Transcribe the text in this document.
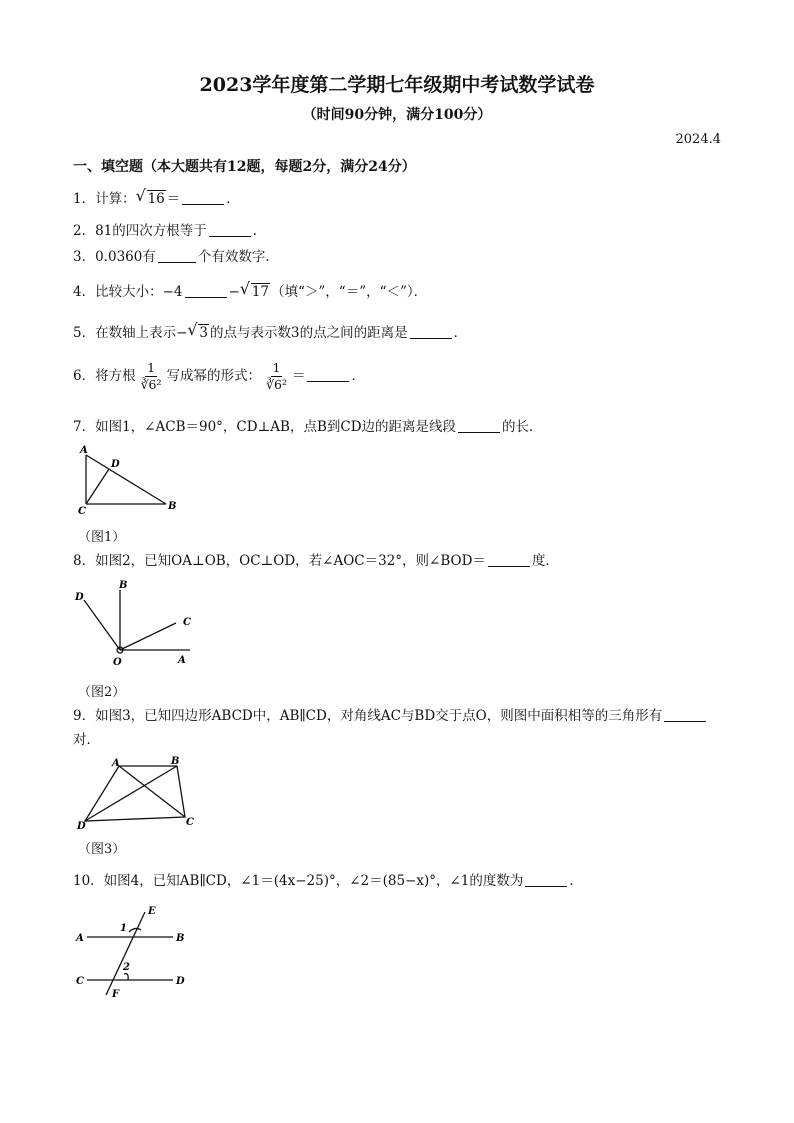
2023学年度第二学期七年级期中考试数学试卷
（时间90分钟，满分100分）
2024.4
一、填空题（本大题共有12题，每题2分，满分24分）
1．计算： √ 16 ＝	．
2．81的四次方根等于	．
3．0.0360有	个有效数字．
4．比较大小：−4	− √ 17 （填“＞”，“＝”，“＜”）．
5．在数轴上表示− √ 3 的点与表示数3的点之间的距离是	．
6．将方根 $\frac{1}{\text{∛6²}}$ 写成幂的形式： $\frac{1}{\text{∛6²}}$ ＝	．
7．如图1，∠ACB＝90°，CD⊥AB，点B到CD边的距离是线段	的长．
A
D
C	B
（图1）
8．如图2，已知OA⊥OB，OC⊥OD，若∠AOC＝32°，则∠BOD＝	度．
B
D
C
A
O
（图2）
9．如图3，已知四边形ABCD中，AB∥CD，对角线AC与BD交于点O，则图中面积相等的三角形有
对．
A	B
D	C
（图3）
10．如图4，已知AB∥CD，∠1＝(4x−25)°，∠2＝(85−x)°，∠1的度数为	．
E
A	B
C	D
F
1
2
